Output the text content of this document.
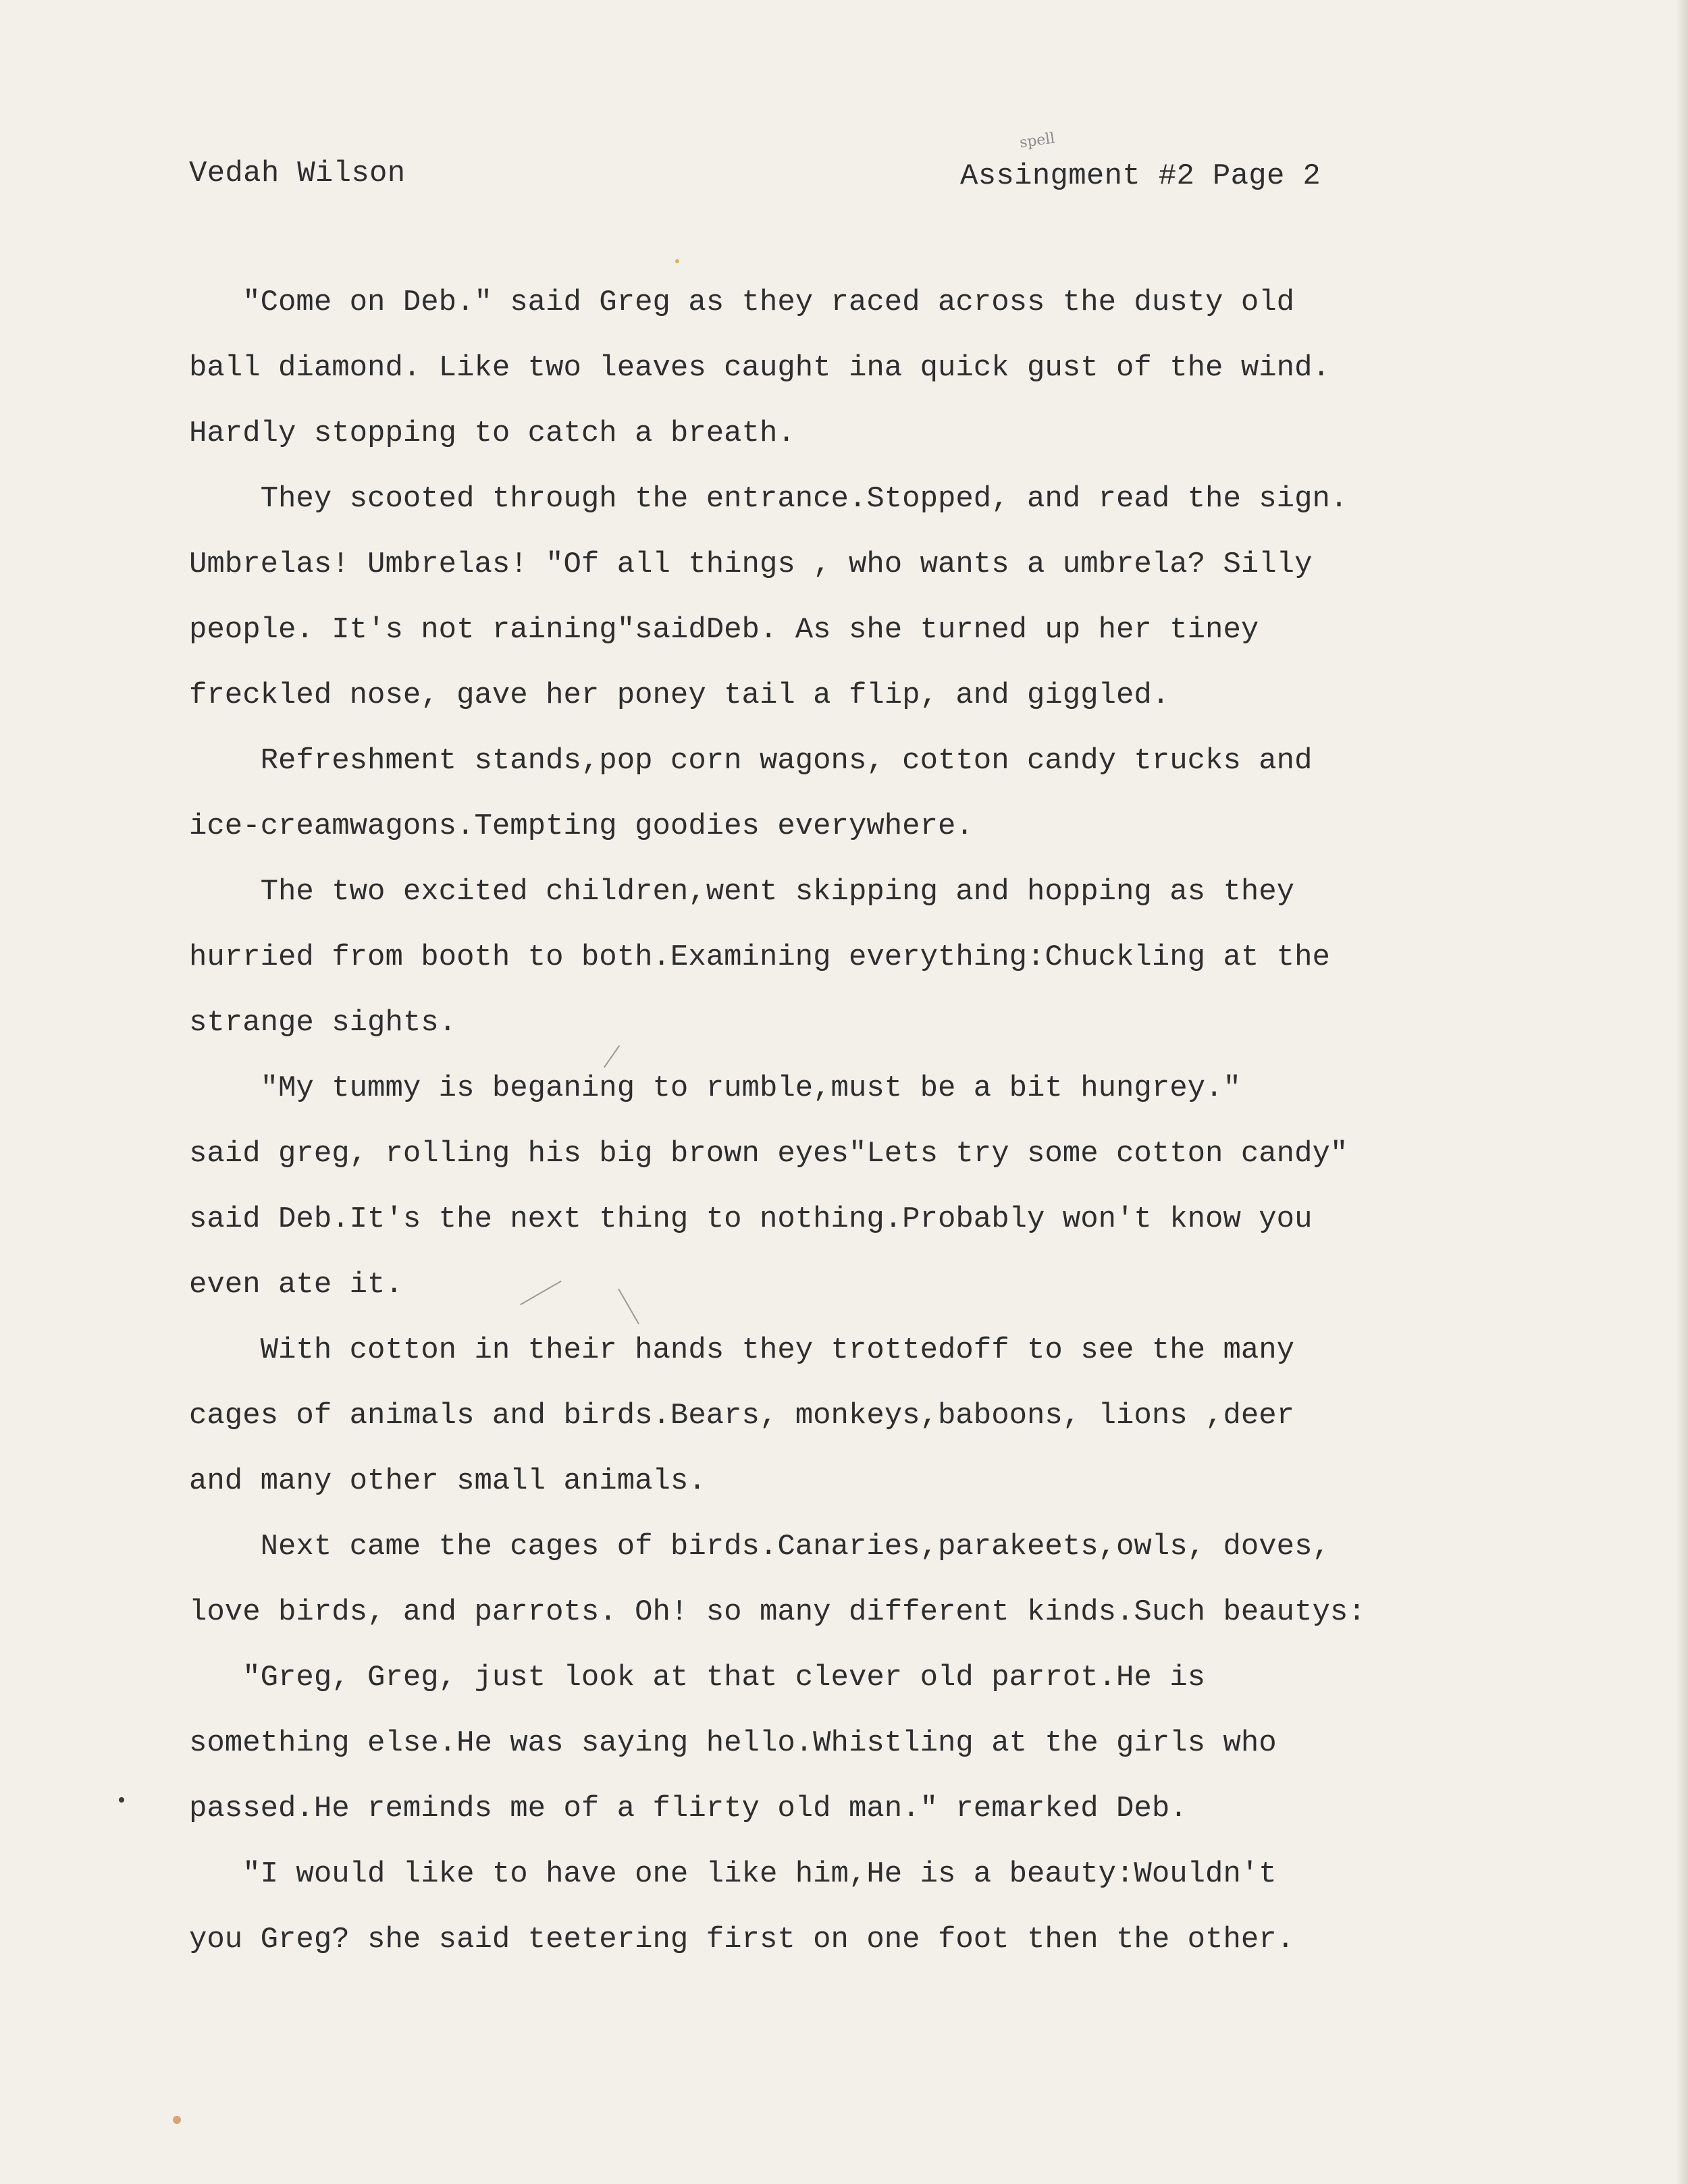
Vedah Wilson	Assingment #2 Page 2
spell
"Come on Deb." said Greg as they raced across the dusty old
ball diamond. Like two leaves caught ina quick gust of the wind.
Hardly stopping to catch a breath.
They scooted through the entrance.Stopped, and read the sign.
Umbrelas! Umbrelas! "Of all things , who wants a umbrela? Silly
people. It's not raining"saidDeb. As she turned up her tiney
freckled nose, gave her poney tail a flip, and giggled.
Refreshment stands,pop corn wagons, cotton candy trucks and
ice-creamwagons.Tempting goodies everywhere.
The two excited children,went skipping and hopping as they
hurried from booth to both.Examining everything:Chuckling at the
strange sights.
"My tummy is beganing to rumble,must be a bit hungrey."
said greg, rolling his big brown eyes"Lets try some cotton candy"
said Deb.It's the next thing to nothing.Probably won't know you
even ate it.
With cotton in their hands they trottedoff to see the many
cages of animals and birds.Bears, monkeys,baboons, lions ,deer
and many other small animals.
Next came the cages of birds.Canaries,parakeets,owls, doves,
love birds, and parrots. Oh! so many different kinds.Such beautys:
"Greg, Greg, just look at that clever old parrot.He is
something else.He was saying hello.Whistling at the girls who
passed.He reminds me of a flirty old man." remarked Deb.
"I would like to have one like him,He is a beauty:Wouldn't
you Greg? she said teetering first on one foot then the other.
